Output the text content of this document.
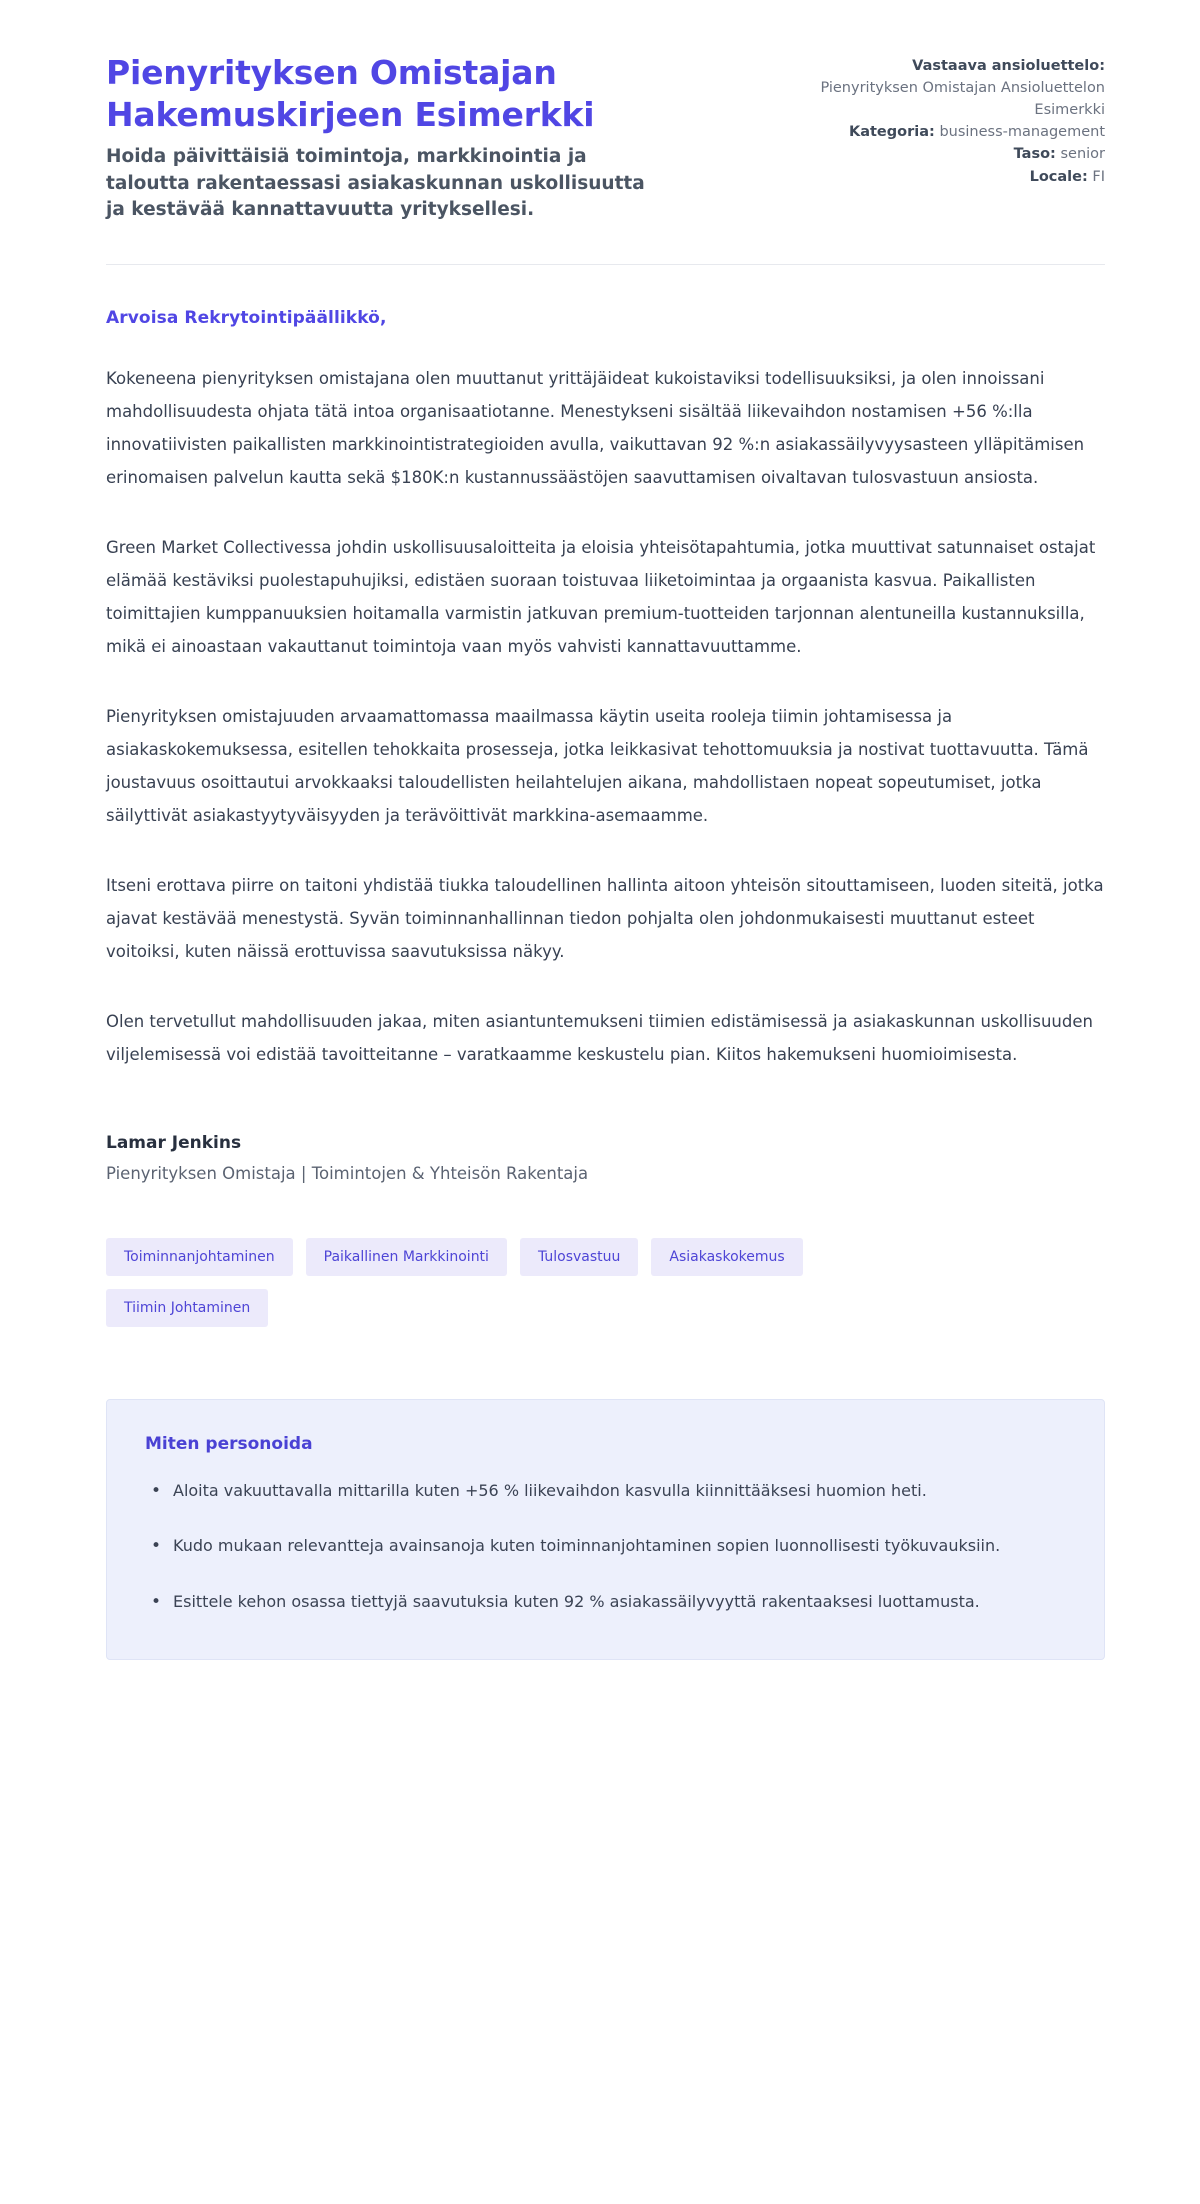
Pienyrityksen Omistajan Hakemuskirjeen Esimerkki

Hoida päivittäisiä toimintoja, markkinointia ja taloutta rakentaessasi asiakaskunnan uskollisuutta ja kestävää kannattavuutta yrityksellesi.

Vastaava ansioluettelo:
Pienyrityksen Omistajan Ansioluettelon Esimerkki
Kategoria: business-management
Taso: senior
Locale: FI

Arvoisa Rekrytointipäällikkö,

Kokeneena pienyrityksen omistajana olen muuttanut yrittäjäideat kukoistaviksi todellisuuksiksi, ja olen innoissani mahdollisuudesta ohjata tätä intoa organisaatiotanne. Menestykseni sisältää liikevaihdon nostamisen +56 %:lla innovatiivisten paikallisten markkinointistrategioiden avulla, vaikuttavan 92 %:n asiakassäilyvyysasteen ylläpitämisen erinomaisen palvelun kautta sekä $180K:n kustannussäästöjen saavuttamisen oivaltavan tulosvastuun ansiosta.

Green Market Collectivessa johdin uskollisuusaloitteita ja eloisia yhteisötapahtumia, jotka muuttivat satunnaiset ostajat elämää kestäviksi puolestapuhujiksi, edistäen suoraan toistuvaa liiketoimintaa ja orgaanista kasvua. Paikallisten toimittajien kumppanuuksien hoitamalla varmistin jatkuvan premium-tuotteiden tarjonnan alentuneilla kustannuksilla, mikä ei ainoastaan vakauttanut toimintoja vaan myös vahvisti kannattavuuttamme.

Pienyrityksen omistajuuden arvaamattomassa maailmassa käytin useita rooleja tiimin johtamisessa ja asiakaskokemuksessa, esitellen tehokkaita prosesseja, jotka leikkasivat tehottomuuksia ja nostivat tuottavuutta. Tämä joustavuus osoittautui arvokkaaksi taloudellisten heilahtelujen aikana, mahdollistaen nopeat sopeutumiset, jotka säilyttivät asiakastyytyväisyyden ja terävöittivät markkina-asemaamme.

Itseni erottava piirre on taitoni yhdistää tiukka taloudellinen hallinta aitoon yhteisön sitouttamiseen, luoden siteitä, jotka ajavat kestävää menestystä. Syvän toiminnanhallinnan tiedon pohjalta olen johdonmukaisesti muuttanut esteet voitoiksi, kuten näissä erottuvissa saavutuksissa näkyy.

Olen tervetullut mahdollisuuden jakaa, miten asiantuntemukseni tiimien edistämisessä ja asiakaskunnan uskollisuuden viljelemisessä voi edistää tavoitteitanne – varatkaamme keskustelu pian. Kiitos hakemukseni huomioimisesta.

Lamar Jenkins

Pienyrityksen Omistaja | Toimintojen & Yhteisön Rakentaja

Toiminnanjohtaminen	Paikallinen Markkinointi	Tulosvastuu	Asiakaskokemus
Tiimin Johtaminen

Miten personoida

• Aloita vakuuttavalla mittarilla kuten +56 % liikevaihdon kasvulla kiinnittääksesi huomion heti.
• Kudo mukaan relevantteja avainsanoja kuten toiminnanjohtaminen sopien luonnollisesti työkuvauksiin.
• Esittele kehon osassa tiettyjä saavutuksia kuten 92 % asiakassäilyvyyttä rakentaaksesi luottamusta.
